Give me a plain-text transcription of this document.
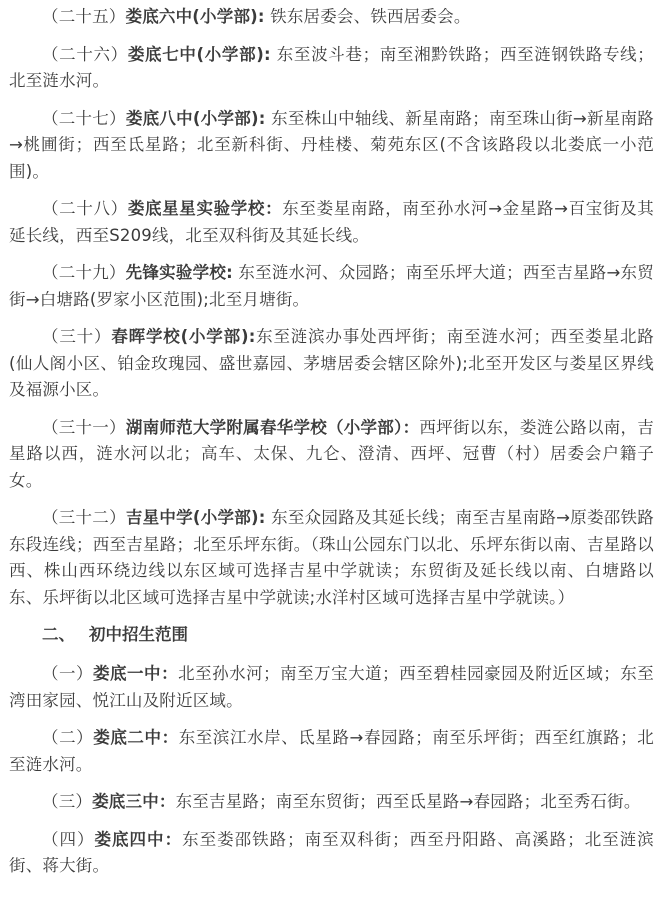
（二十五）娄底六中(小学部): 铁东居委会、铁西居委会。

（二十六）娄底七中(小学部): 东至波斗巷；南至湘黔铁路；西至涟钢铁路专线；北至涟水河。

（二十七）娄底八中(小学部): 东至株山中轴线、新星南路；南至珠山街→新星南路→桃圃街；西至氐星路；北至新科街、丹桂楼、菊苑东区(不含该路段以北娄底一小范围)。

（二十八）娄底星星实验学校：东至娄星南路，南至孙水河→金星路→百宝街及其延长线，西至S209线，北至双科街及其延长线。

（二十九）先锋实验学校: 东至涟水河、众园路；南至乐坪大道；西至吉星路→东贸街→白塘路(罗家小区范围);北至月塘街。

（三十）春晖学校(小学部):东至涟滨办事处西坪街；南至涟水河；西至娄星北路(仙人阁小区、铂金玫瑰园、盛世嘉园、茅塘居委会辖区除外);北至开发区与娄星区界线及福源小区。

（三十一）湖南师范大学附属春华学校（小学部）：西坪街以东，娄涟公路以南，吉星路以西，涟水河以北；高车、太保、九仑、澄清、西坪、冠曹（村）居委会户籍子女。

（三十二）吉星中学(小学部): 东至众园路及其延长线；南至吉星南路→原娄邵铁路东段连线；西至吉星路；北至乐坪东街。（珠山公园东门以北、乐坪东街以南、吉星路以西、株山西环绕边线以东区域可选择吉星中学就读；东贸街及延长线以南、白塘路以东、乐坪街以北区域可选择吉星中学就读;水洋村区域可选择吉星中学就读。）

二、 初中招生范围

（一）娄底一中：北至孙水河；南至万宝大道；西至碧桂园豪园及附近区域；东至湾田家园、悦江山及附近区域。

（二）娄底二中：东至滨江水岸、氐星路→春园路；南至乐坪街；西至红旗路；北至涟水河。

（三）娄底三中：东至吉星路；南至东贸街；西至氐星路→春园路；北至秀石街。

（四）娄底四中：东至娄邵铁路；南至双科街；西至丹阳路、高溪路；北至涟滨街、蒋大街。
